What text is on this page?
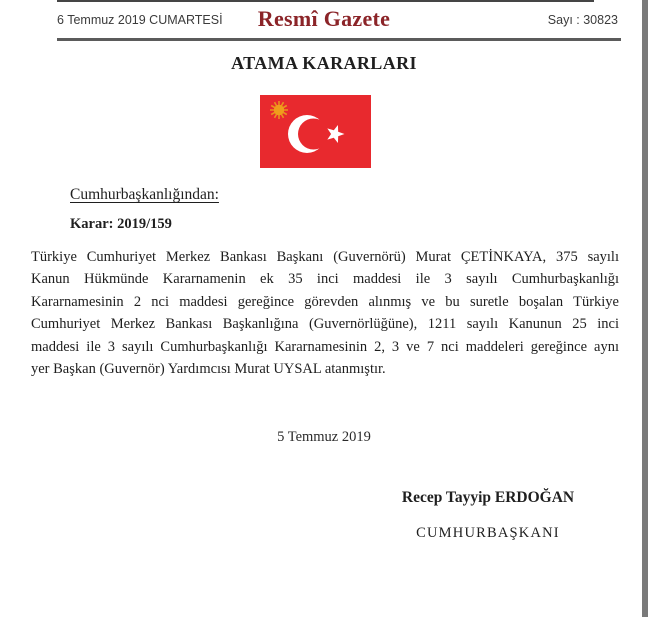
6 Temmuz 2019 CUMARTESİ	Resmî Gazete	Sayı : 30823
ATAMA KARARLARI
Cumhurbaşkanlığından:
Karar: 2019/159
Türkiye Cumhuriyet Merkez Bankası Başkanı (Guvernörü) Murat ÇETİNKAYA, 375 sayılı
Kanun Hükmünde Kararnamenin ek 35 inci maddesi ile 3 sayılı Cumhurbaşkanlığı
Kararnamesinin 2 nci maddesi gereğince görevden alınmış ve bu suretle boşalan Türkiye
Cumhuriyet Merkez Bankası Başkanlığına (Guvernörlüğüne), 1211 sayılı Kanunun 25 inci
maddesi ile 3 sayılı Cumhurbaşkanlığı Kararnamesinin 2, 3 ve 7 nci maddeleri gereğince aynı
yer Başkan (Guvernör) Yardımcısı Murat UYSAL atanmıştır.
5 Temmuz 2019
Recep Tayyip ERDOĞAN
CUMHURBAŞKANI
